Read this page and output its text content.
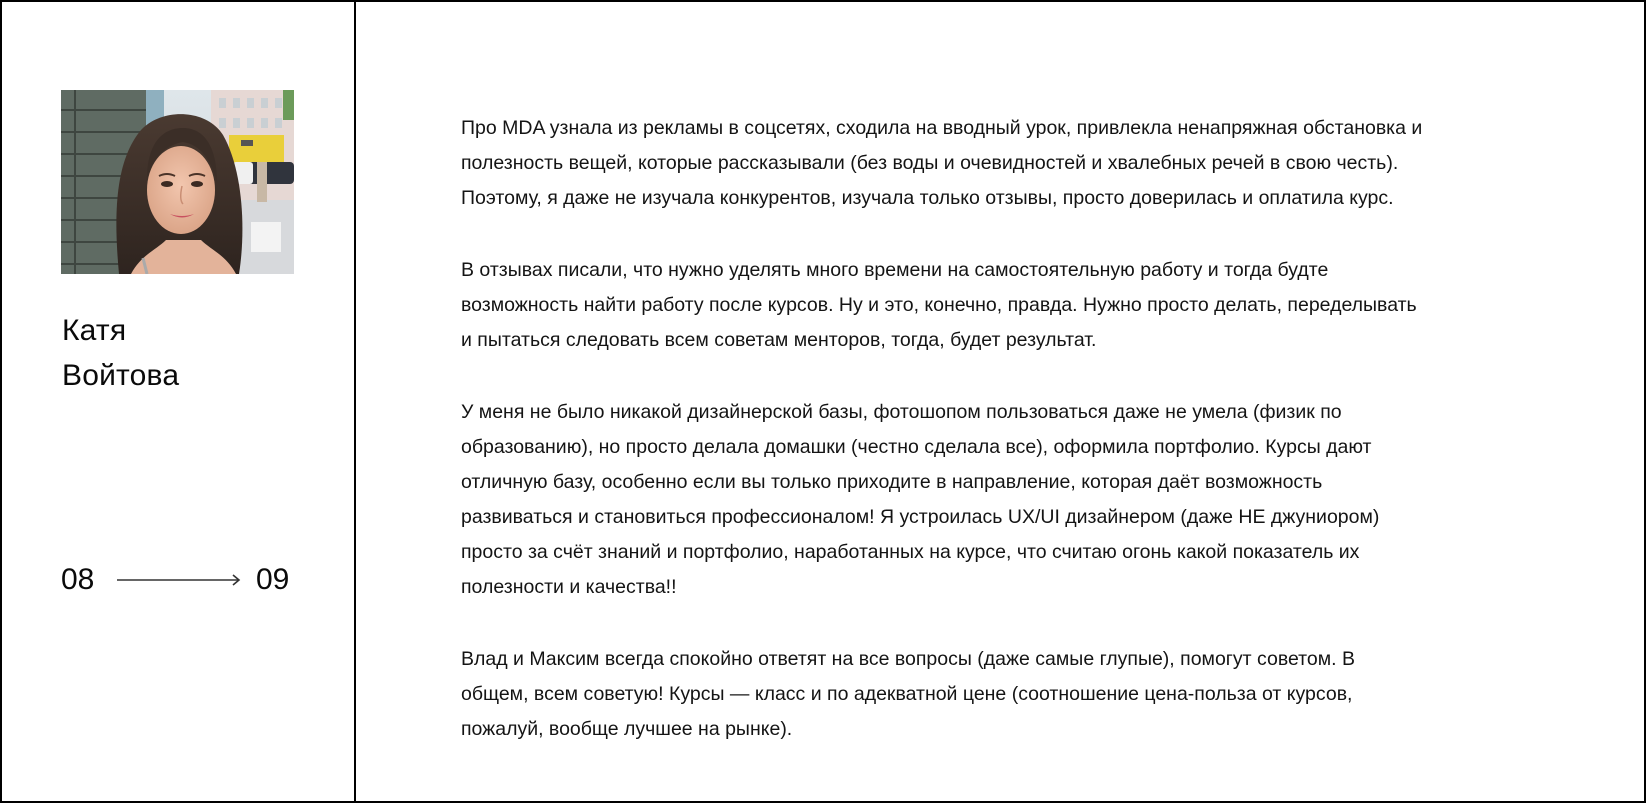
Катя
Войтова
08	09

Про MDA узнала из рекламы в соцсетях, сходила на вводный урок, привлекла ненапряжная обстановка и
полезность вещей, которые рассказывали (без воды и очевидностей и хвалебных речей в свою честь).
Поэтому, я даже не изучала конкурентов, изучала только отзывы, просто доверилась и оплатила курс.

В отзывах писали, что нужно уделять много времени на самостоятельную работу и тогда будте
возможность найти работу после курсов. Ну и это, конечно, правда. Нужно просто делать, переделывать
и пытаться следовать всем советам менторов, тогда, будет результат.

У меня не было никакой дизайнерской базы, фотошопом пользоваться даже не умела (физик по
образованию), но просто делала домашки (честно сделала все), оформила портфолио. Курсы дают
отличную базу, особенно если вы только приходите в направление, которая даёт возможность
развиваться и становиться профессионалом! Я устроилась UX/UI дизайнером (даже НЕ джуниором)
просто за счёт знаний и портфолио, наработанных на курсе, что считаю огонь какой показатель их
полезности и качества!!

Влад и Максим всегда спокойно ответят на все вопросы (даже самые глупые), помогут советом. В
общем, всем советую! Курсы — класс и по адекватной цене (соотношение цена-польза от курсов,
пожалуй, вообще лучшее на рынке).
